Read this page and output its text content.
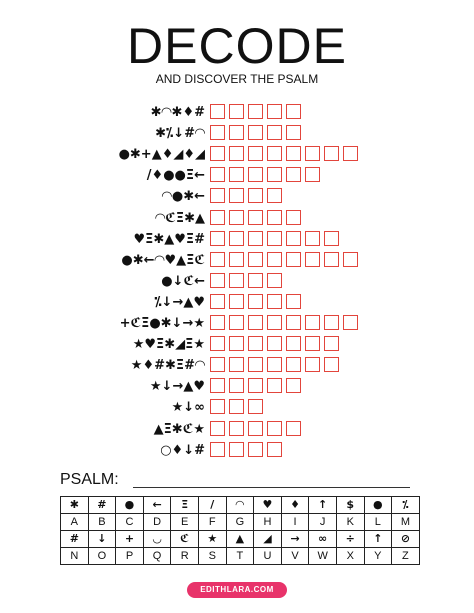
DECODE
AND DISCOVER THE PSALM
✱◠✱♦#
✱⁒↓#◠
●✱+▲♦◢♦◢
/♦●●Ξ←
◠●✱←
◠ℭΞ✱▲
♥Ξ✱▲♥Ξ#
●✱←◠♥▲Ξℭ
●↓ℭ←
⁒↓→▲♥
+ℭΞ●✱↓→★
★♥Ξ✱◢Ξ★
★♦#✱Ξ#◠
★↓→▲♥
★↓∞
▲Ξ✱ℭ★
○♦↓#
PSALM:
✱	#	●	←	Ξ	/	◠	♥	♦	↑	$	●	⁒
A	B	C	D	E	F	G	H	I	J	K	L	M
#	↓	+	◡	ℭ	★	▲	◢	→	∞	÷	↑	⊘
N	O	P	Q	R	S	T	U	V	W	X	Y	Z
EDITHLARA.COM
